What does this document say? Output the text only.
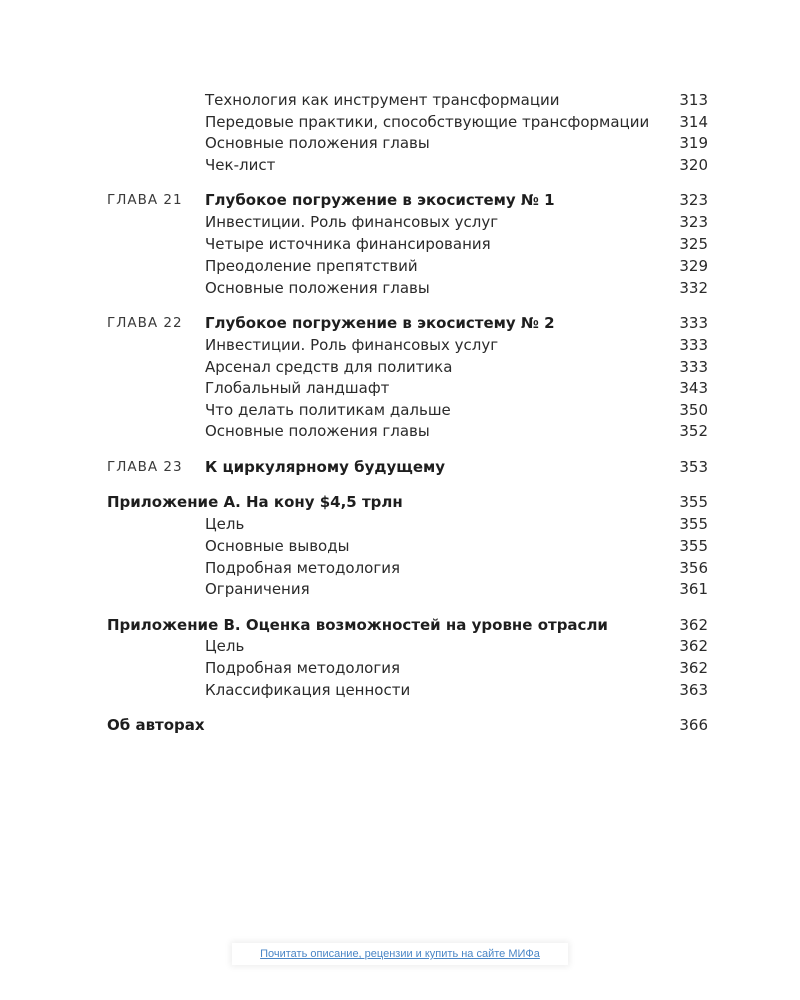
Технология как инструмент трансформации	313
Передовые практики, способствующие трансформации 314
Основные положения главы	319
Чек-лист	320
ГЛАВА 21 Глубокое погружение в экосистему № 1	323
Инвестиции. Роль финансовых услуг	323
Четыре источника финансирования	325
Преодоление препятствий	329
Основные положения главы	332
ГЛАВА 22 Глубокое погружение в экосистему № 2	333
Инвестиции. Роль финансовых услуг	333
Арсенал средств для политика	333
Глобальный ландшафт	343
Что делать политикам дальше	350
Основные положения главы	352
ГЛАВА 23 К циркулярному будущему	353
Приложение А. На кону $4,5 трлн	355
Цель	355
Основные выводы	355
Подробная методология	356
Ограничения	361
Приложение В. Оценка возможностей на уровне отрасли	362
Цель	362
Подробная методология	362
Классификация ценности	363
Об авторах	366
Почитать описание, рецензии и купить на сайте МИФа
